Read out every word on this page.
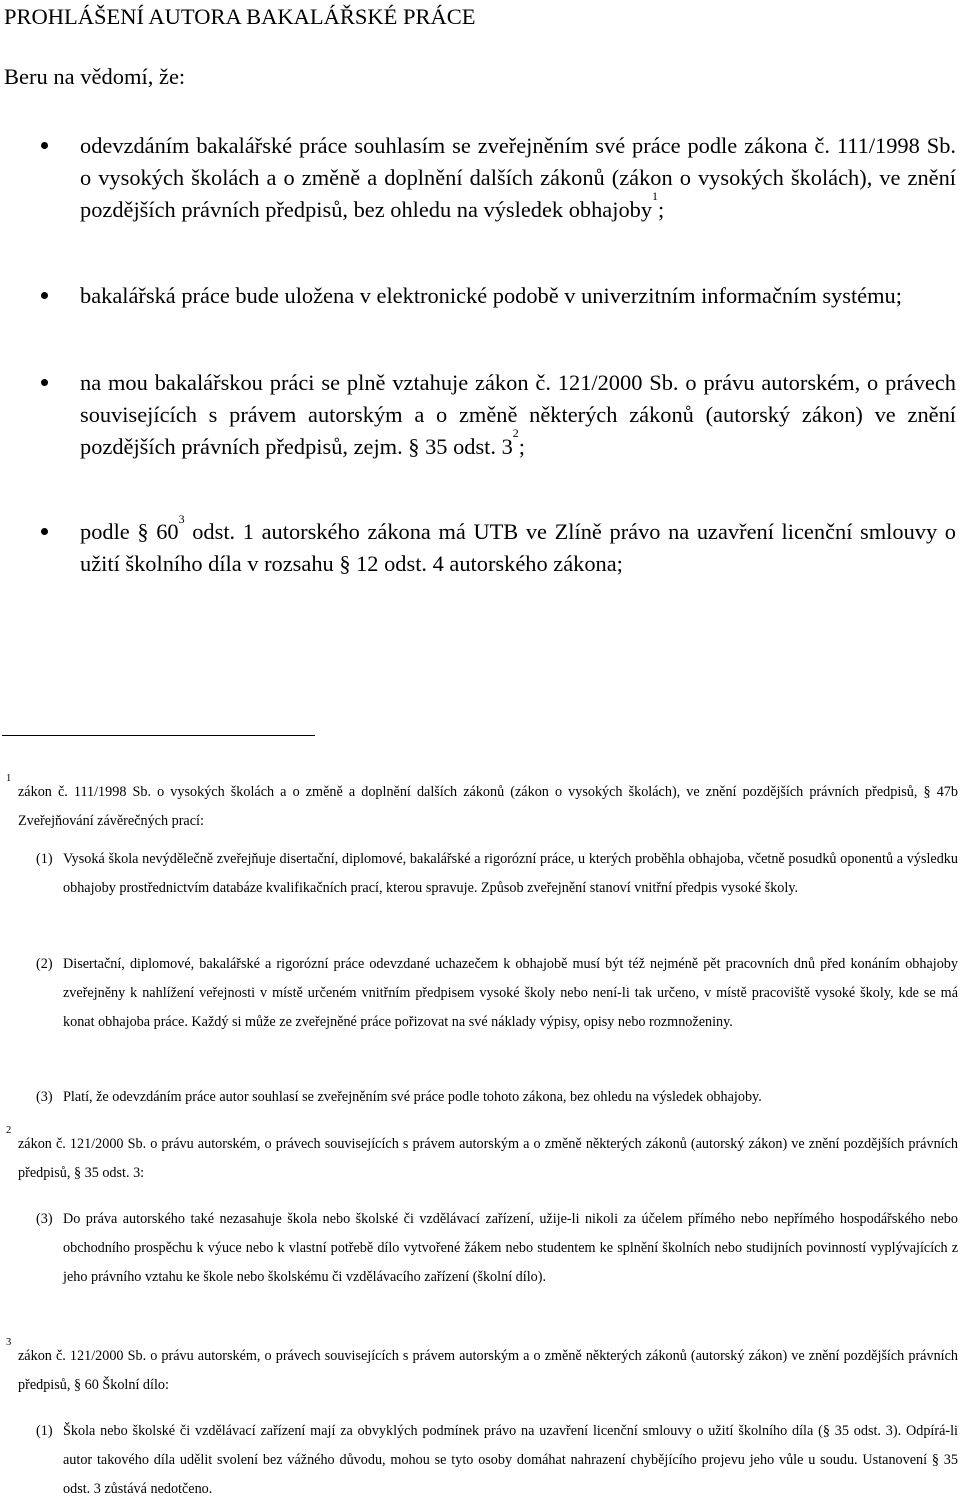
PROHLÁŠENÍ AUTORA BAKALÁŘSKÉ PRÁCE

Beru na vědomí, že:

odevzdáním bakalářské práce souhlasím se zveřejněním své práce podle zákona č. 111/1998 Sb. o vysokých školách a o změně a doplnění dalších zákonů (zákon o vysokých školách), ve znění pozdějších právních předpisů, bez ohledu na výsledek obhajoby$^1$;
bakalářská práce bude uložena v elektronické podobě v univerzitním informačním systému;
na mou bakalářskou práci se plně vztahuje zákon č. 121/2000 Sb. o právu autorském, o právech souvisejících s právem autorským a o změně některých zákonů (autorský zákon) ve znění pozdějších právních předpisů, zejm. § 35 odst. $3^2$;
podle § $60^3$ odst. 1 autorského zákona má UTB ve Zlíně právo na uzavření licenční smlouvy o užití školního díla v rozsahu § 12 odst. 4 autorského zákona;
1
zákon č. 111/1998 Sb. o vysokých školách a o změně a doplnění dalších zákonů (zákon o vysokých školách), ve znění pozdějších právních předpisů, § 47b Zveřejňování závěrečných prací:
(1) Vysoká škola nevýdělečně zveřejňuje disertační, diplomové, bakalářské a rigorózní práce, u kterých proběhla obhajoba, včetně posudků oponentů a výsledku obhajoby prostřednictvím databáze kvalifikačních prací, kterou spravuje. Způsob zveřejnění stanoví vnitřní předpis vysoké školy.
(2) Disertační, diplomové, bakalářské a rigorózní práce odevzdané uchazečem k obhajobě musí být též nejméně pět pracovních dnů před konáním obhajoby zveřejněny k nahlížení veřejnosti v místě určeném vnitřním předpisem vysoké školy nebo není-li tak určeno, v místě pracoviště vysoké školy, kde se má konat obhajoba práce. Každý si může ze zveřejněné práce pořizovat na své náklady výpisy, opisy nebo rozmnoženiny.
(3) Platí, že odevzdáním práce autor souhlasí se zveřejněním své práce podle tohoto zákona, bez ohledu na výsledek obhajoby.
2
zákon č. 121/2000 Sb. o právu autorském, o právech souvisejících s právem autorským a o změně některých zákonů (autorský zákon) ve znění pozdějších právních předpisů, § 35 odst. 3:
(3) Do práva autorského také nezasahuje škola nebo školské či vzdělávací zařízení, užije-li nikoli za účelem přímého nebo nepřímého hospodářského nebo obchodního prospěchu k výuce nebo k vlastní potřebě dílo vytvořené žákem nebo studentem ke splnění školních nebo studijních povinností vyplývajících z jeho právního vztahu ke škole nebo školskému či vzdělávacího zařízení (školní dílo).
3
zákon č. 121/2000 Sb. o právu autorském, o právech souvisejících s právem autorským a o změně některých zákonů (autorský zákon) ve znění pozdějších právních předpisů, § 60 Školní dílo:
(1) Škola nebo školské či vzdělávací zařízení mají za obvyklých podmínek právo na uzavření licenční smlouvy o užití školního díla (§ 35 odst. 3). Odpírá-li autor takového díla udělit svolení bez vážného důvodu, mohou se tyto osoby domáhat nahrazení chybějícího projevu jeho vůle u soudu. Ustanovení § 35 odst. 3 zůstává nedotčeno.
